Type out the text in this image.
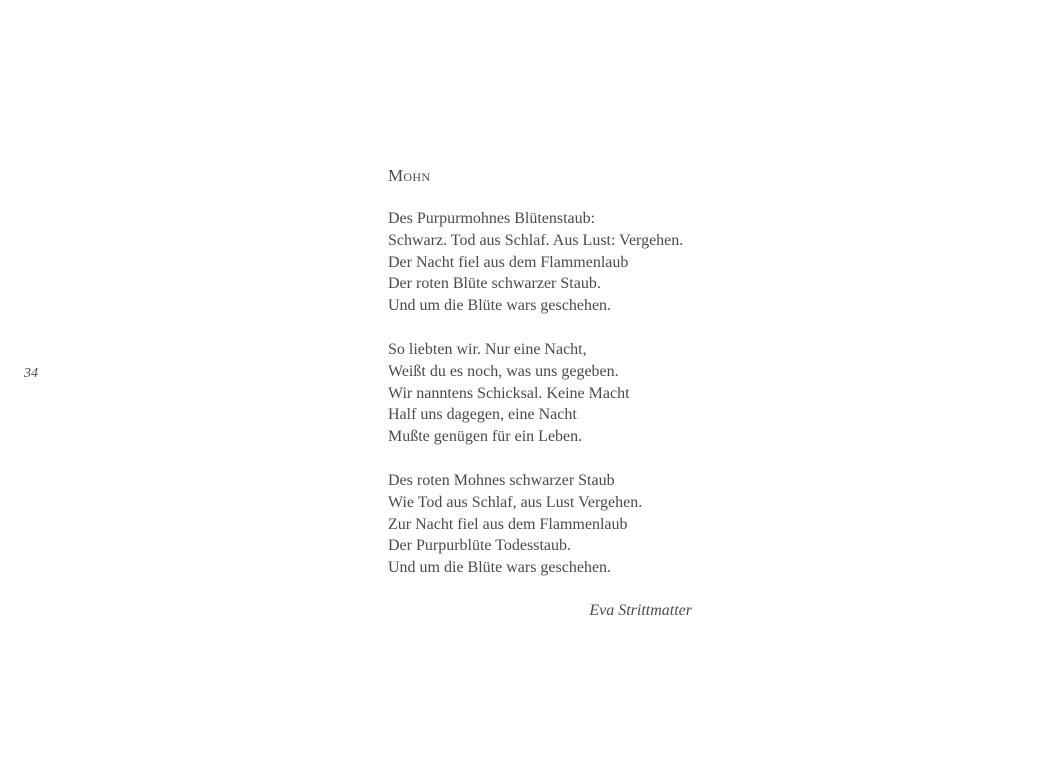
34
Mohn
Des Purpurmohnes Blütenstaub:
Schwarz. Tod aus Schlaf. Aus Lust: Vergehen.
Der Nacht fiel aus dem Flammenlaub
Der roten Blüte schwarzer Staub.
Und um die Blüte wars geschehen.
So liebten wir. Nur eine Nacht,
Weißt du es noch, was uns gegeben.
Wir nanntens Schicksal. Keine Macht
Half uns dagegen, eine Nacht
Mußte genügen für ein Leben.
Des roten Mohnes schwarzer Staub
Wie Tod aus Schlaf, aus Lust Vergehen.
Zur Nacht fiel aus dem Flammenlaub
Der Purpurblüte Todesstaub.
Und um die Blüte wars geschehen.
Eva Strittmatter
